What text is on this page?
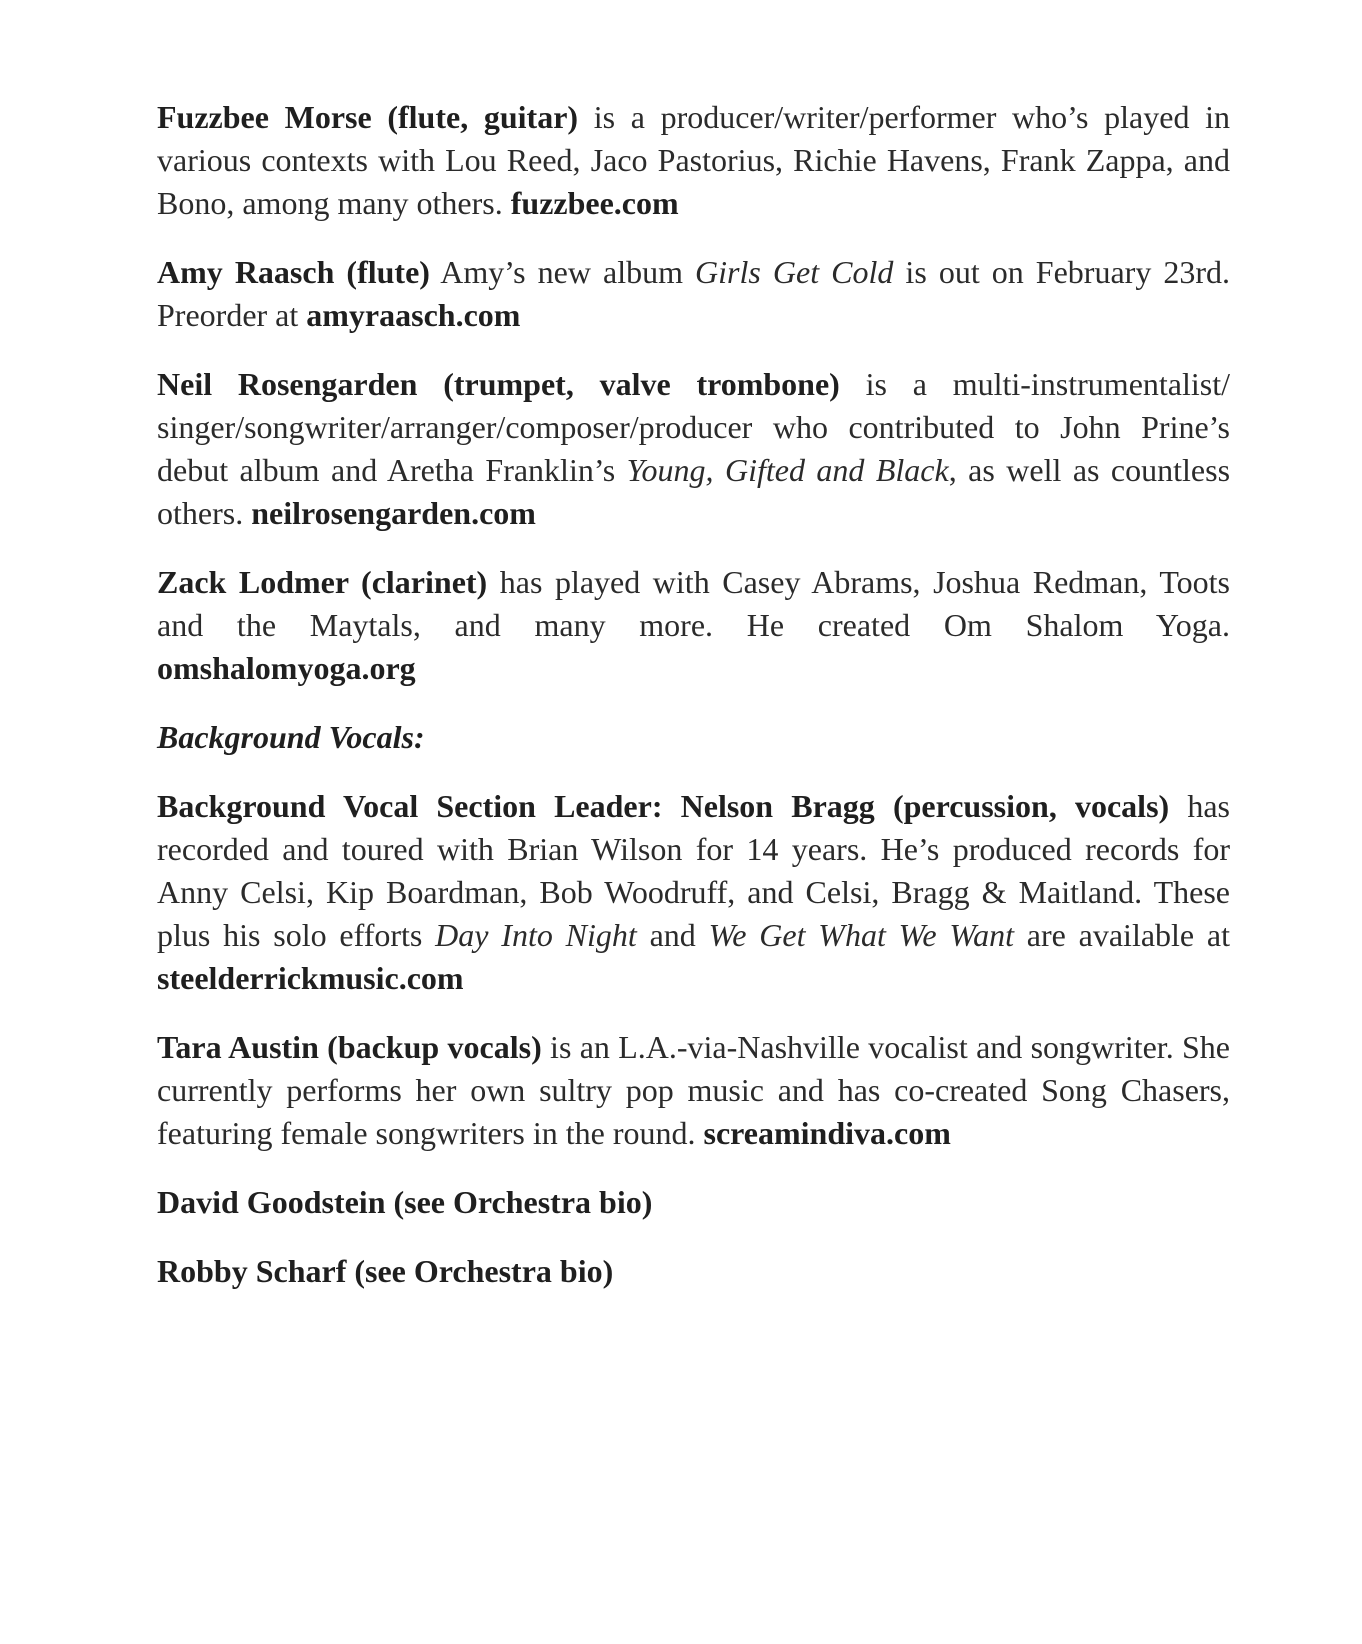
Fuzzbee Morse (flute, guitar) is a producer/writer/performer who’s played in various contexts with Lou Reed, Jaco Pastorius, Richie Havens, Frank Zappa, and Bono, among many others. fuzzbee.com

Amy Raasch (flute) Amy’s new album Girls Get Cold is out on February 23rd. Preorder at amyraasch.com

Neil Rosengarden (trumpet, valve trombone) is a multi-instrumentalist/ singer/songwriter/arranger/composer/producer who contributed to John Prine’s debut album and Aretha Franklin’s Young, Gifted and Black, as well as countless others. neilrosengarden.com

Zack Lodmer (clarinet) has played with Casey Abrams, Joshua Redman, Toots and the Maytals, and many more. He created Om Shalom Yoga. omshalomyoga.org

Background Vocals:

Background Vocal Section Leader: Nelson Bragg (percussion, vocals) has recorded and toured with Brian Wilson for 14 years. He’s produced records for Anny Celsi, Kip Boardman, Bob Woodruff, and Celsi, Bragg & Maitland. These plus his solo efforts Day Into Night and We Get What We Want are available at steelderrickmusic.com

Tara Austin (backup vocals) is an L.A.-via-Nashville vocalist and songwriter. She currently performs her own sultry pop music and has co-created Song Chasers, featuring female songwriters in the round. screamindiva.com

David Goodstein (see Orchestra bio)

Robby Scharf (see Orchestra bio)
